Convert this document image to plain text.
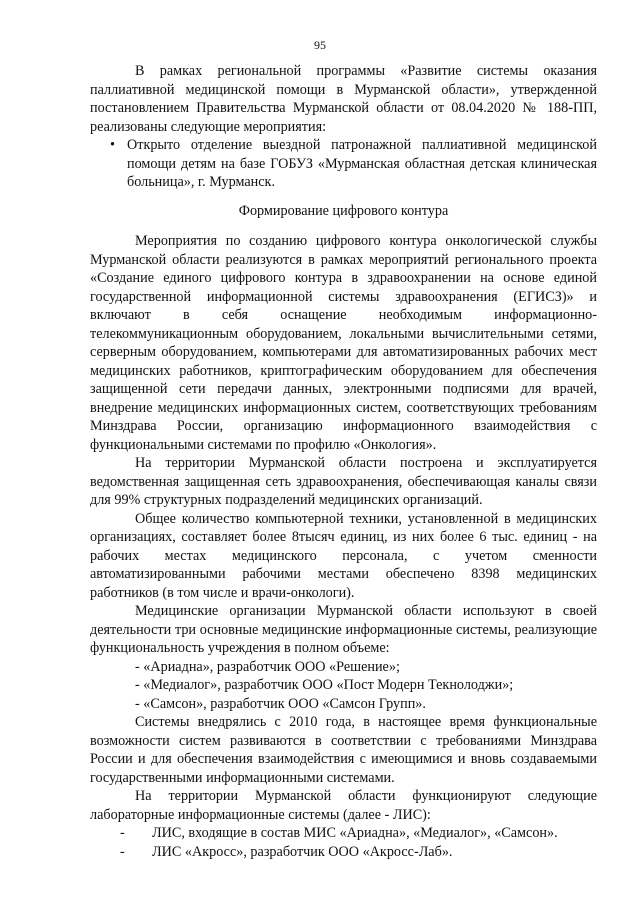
95

В рамках региональной программы «Развитие системы оказания паллиативной медицинской помощи в Мурманской области», утвержденной постановлением Правительства Мурманской области от 08.04.2020 № 188-ПП, реализованы следующие мероприятия:

• Открыто отделение выездной патронажной паллиативной медицинской помощи детям на базе ГОБУЗ «Мурманская областная детская клиническая больница», г. Мурманск.

Формирование цифрового контура

Мероприятия по созданию цифрового контура онкологической службы Мурманской области реализуются в рамках мероприятий регионального проекта «Создание единого цифрового контура в здравоохранении на основе единой государственной информационной системы здравоохранения (ЕГИСЗ)» и включают в себя оснащение необходимым информационно-телекоммуникационным оборудованием, локальными вычислительными сетями, серверным оборудованием, компьютерами для автоматизированных рабочих мест медицинских работников, криптографическим оборудованием для обеспечения защищенной сети передачи данных, электронными подписями для врачей, внедрение медицинских информационных систем, соответствующих требованиям Минздрава России, организацию информационного взаимодействия с функциональными системами по профилю «Онкология».

На территории Мурманской области построена и эксплуатируется ведомственная защищенная сеть здравоохранения, обеспечивающая каналы связи для 99% структурных подразделений медицинских организаций.

Общее количество компьютерной техники, установленной в медицинских организациях, составляет более 8тысяч единиц, из них более 6 тыс. единиц - на рабочих местах медицинского персонала, с учетом сменности автоматизированными рабочими местами обеспечено 8398 медицинских работников (в том числе и врачи-онкологи).

Медицинские организации Мурманской области используют в своей деятельности три основные медицинские информационные системы, реализующие функциональность учреждения в полном объеме:

- «Ариадна», разработчик ООО «Решение»;

- «Медиалог», разработчик ООО «Пост Модерн Текнолоджи»;

- «Самсон», разработчик ООО «Самсон Групп».

Системы внедрялись с 2010 года, в настоящее время функциональные возможности систем развиваются в соответствии с требованиями Минздрава России и для обеспечения взаимодействия с имеющимися и вновь создаваемыми государственными информационными системами.

На территории Мурманской области функционируют следующие лабораторные информационные системы (далее - ЛИС):

- ЛИС, входящие в состав МИС «Ариадна», «Медиалог», «Самсон».
- ЛИС «Акросс», разработчик ООО «Акросс-Лаб».
